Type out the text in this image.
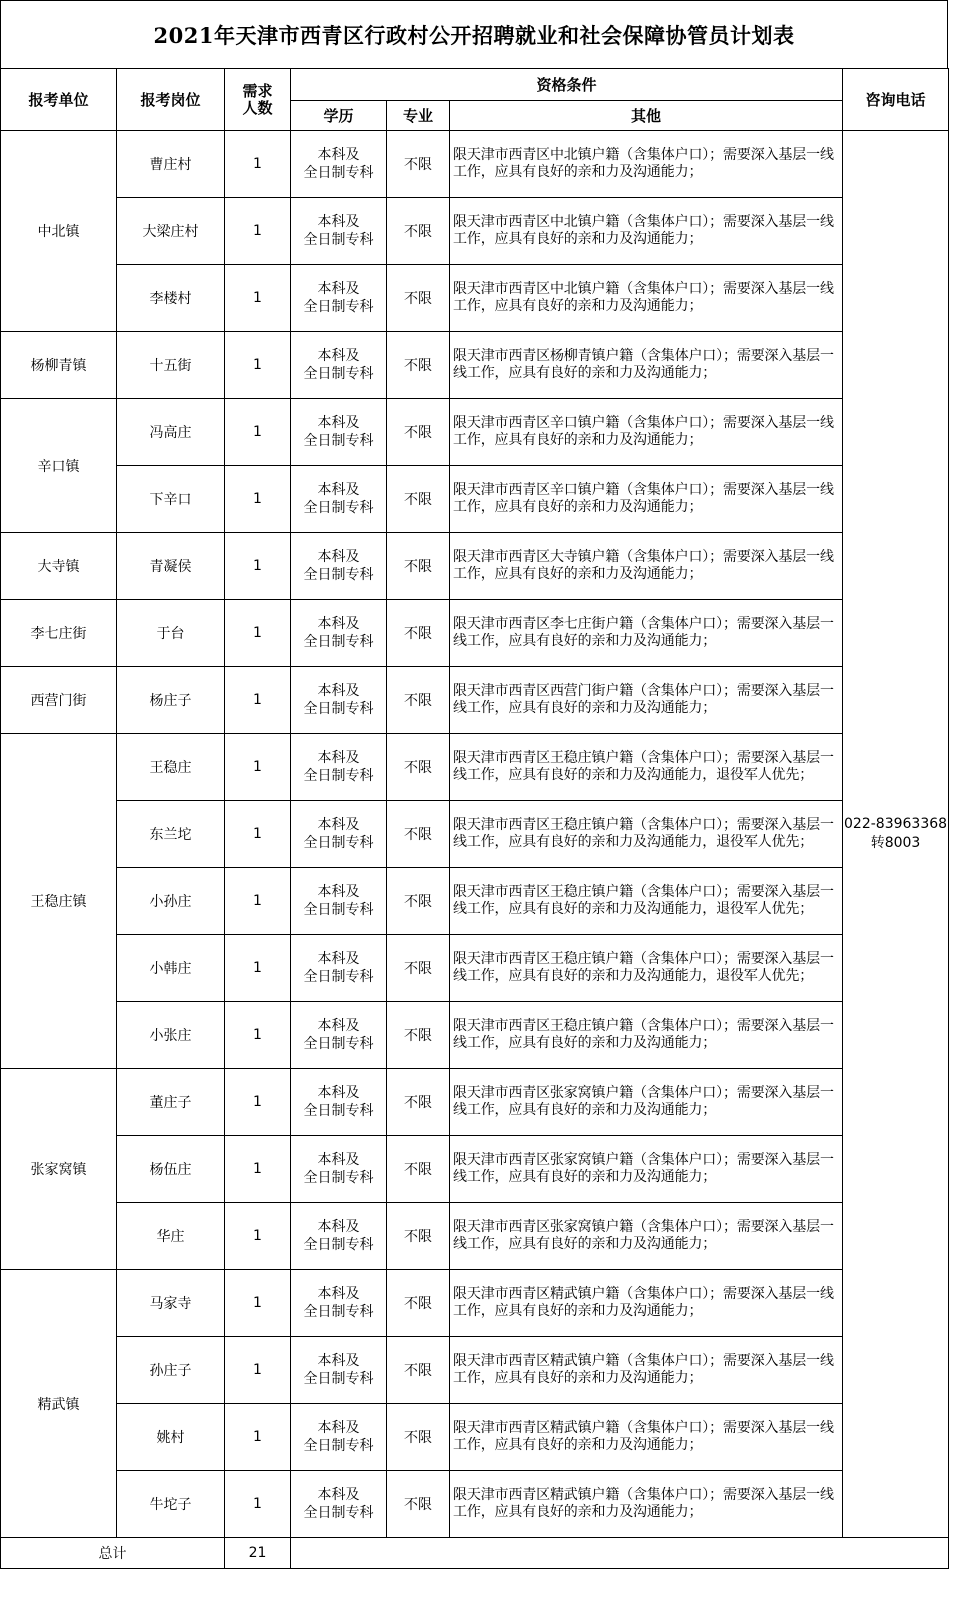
2021年天津市西青区行政村公开招聘就业和社会保障协管员计划表
报考单位	报考岗位	需求
人数	资格条件			咨询电话
			学历	专业	其他	
中北镇	曹庄村	1	本科及
全日制专科	不限	限天津市西青区中北镇户籍（含集体户口）；需要深入基层一线工作，应具有良好的亲和力及沟通能力；	022-83963368
转8003
	大梁庄村	1	本科及
全日制专科	不限	限天津市西青区中北镇户籍（含集体户口）；需要深入基层一线工作，应具有良好的亲和力及沟通能力；	
	李楼村	1	本科及
全日制专科	不限	限天津市西青区中北镇户籍（含集体户口）；需要深入基层一线工作，应具有良好的亲和力及沟通能力；	
杨柳青镇	十五街	1	本科及
全日制专科	不限	限天津市西青区杨柳青镇户籍（含集体户口）；需要深入基层一线工作，应具有良好的亲和力及沟通能力；	
辛口镇	冯高庄	1	本科及
全日制专科	不限	限天津市西青区辛口镇户籍（含集体户口）；需要深入基层一线工作，应具有良好的亲和力及沟通能力；	
	下辛口	1	本科及
全日制专科	不限	限天津市西青区辛口镇户籍（含集体户口）；需要深入基层一线工作，应具有良好的亲和力及沟通能力；	
大寺镇	青凝侯	1	本科及
全日制专科	不限	限天津市西青区大寺镇户籍（含集体户口）；需要深入基层一线工作，应具有良好的亲和力及沟通能力；	
李七庄街	于台	1	本科及
全日制专科	不限	限天津市西青区李七庄街户籍（含集体户口）；需要深入基层一线工作，应具有良好的亲和力及沟通能力；	
西营门街	杨庄子	1	本科及
全日制专科	不限	限天津市西青区西营门街户籍（含集体户口）；需要深入基层一线工作，应具有良好的亲和力及沟通能力；	
王稳庄镇	王稳庄	1	本科及
全日制专科	不限	限天津市西青区王稳庄镇户籍（含集体户口）；需要深入基层一线工作，应具有良好的亲和力及沟通能力，退役军人优先；	
	东兰坨	1	本科及
全日制专科	不限	限天津市西青区王稳庄镇户籍（含集体户口）；需要深入基层一线工作，应具有良好的亲和力及沟通能力，退役军人优先；	
	小孙庄	1	本科及
全日制专科	不限	限天津市西青区王稳庄镇户籍（含集体户口）；需要深入基层一线工作，应具有良好的亲和力及沟通能力，退役军人优先；	
	小韩庄	1	本科及
全日制专科	不限	限天津市西青区王稳庄镇户籍（含集体户口）；需要深入基层一线工作，应具有良好的亲和力及沟通能力，退役军人优先；	
	小张庄	1	本科及
全日制专科	不限	限天津市西青区王稳庄镇户籍（含集体户口）；需要深入基层一线工作，应具有良好的亲和力及沟通能力；	
张家窝镇	董庄子	1	本科及
全日制专科	不限	限天津市西青区张家窝镇户籍（含集体户口）；需要深入基层一线工作，应具有良好的亲和力及沟通能力；	
	杨伍庄	1	本科及
全日制专科	不限	限天津市西青区张家窝镇户籍（含集体户口）；需要深入基层一线工作，应具有良好的亲和力及沟通能力；	
	华庄	1	本科及
全日制专科	不限	限天津市西青区张家窝镇户籍（含集体户口）；需要深入基层一线工作，应具有良好的亲和力及沟通能力；	
精武镇	马家寺	1	本科及
全日制专科	不限	限天津市西青区精武镇户籍（含集体户口）；需要深入基层一线工作，应具有良好的亲和力及沟通能力；	
	孙庄子	1	本科及
全日制专科	不限	限天津市西青区精武镇户籍（含集体户口）；需要深入基层一线工作，应具有良好的亲和力及沟通能力；	
	姚村	1	本科及
全日制专科	不限	限天津市西青区精武镇户籍（含集体户口）；需要深入基层一线工作，应具有良好的亲和力及沟通能力；	
	牛坨子	1	本科及
全日制专科	不限	限天津市西青区精武镇户籍（含集体户口）；需要深入基层一线工作，应具有良好的亲和力及沟通能力；	
总计		21				
